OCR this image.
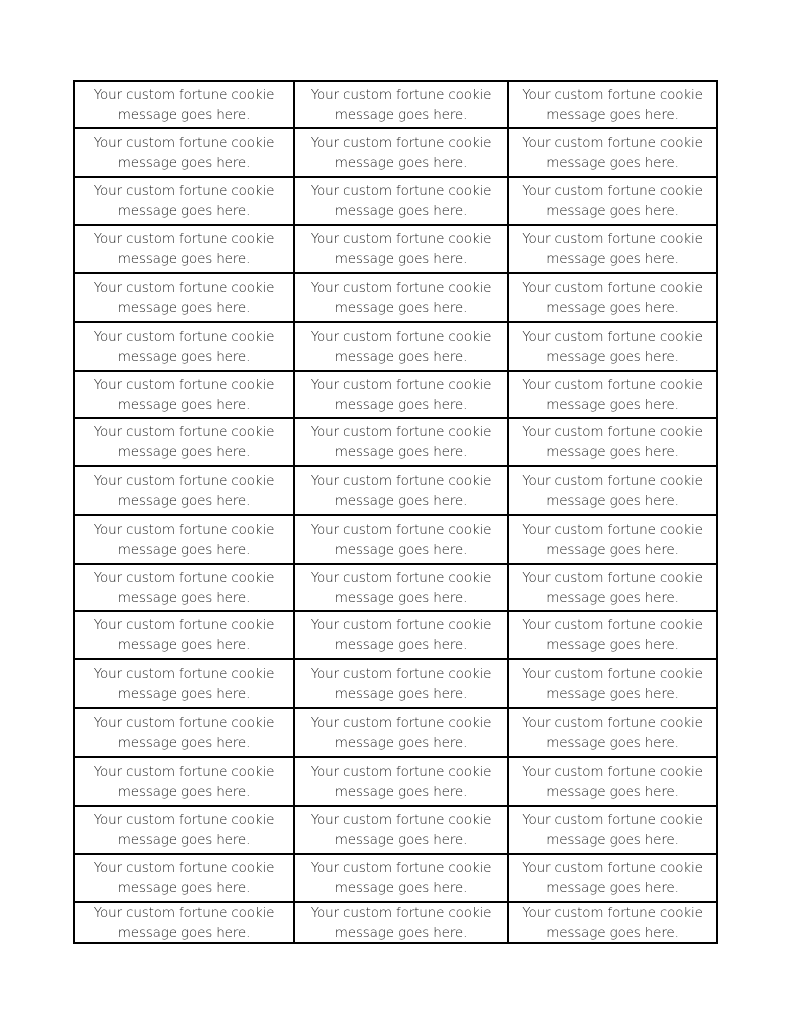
Your custom fortune cookie
message goes here.
Your custom fortune cookie
message goes here.
Your custom fortune cookie
message goes here.
Your custom fortune cookie
message goes here.
Your custom fortune cookie
message goes here.
Your custom fortune cookie
message goes here.
Your custom fortune cookie
message goes here.
Your custom fortune cookie
message goes here.
Your custom fortune cookie
message goes here.
Your custom fortune cookie
message goes here.
Your custom fortune cookie
message goes here.
Your custom fortune cookie
message goes here.
Your custom fortune cookie
message goes here.
Your custom fortune cookie
message goes here.
Your custom fortune cookie
message goes here.
Your custom fortune cookie
message goes here.
Your custom fortune cookie
message goes here.
Your custom fortune cookie
message goes here.
Your custom fortune cookie
message goes here.
Your custom fortune cookie
message goes here.
Your custom fortune cookie
message goes here.
Your custom fortune cookie
message goes here.
Your custom fortune cookie
message goes here.
Your custom fortune cookie
message goes here.
Your custom fortune cookie
message goes here.
Your custom fortune cookie
message goes here.
Your custom fortune cookie
message goes here.
Your custom fortune cookie
message goes here.
Your custom fortune cookie
message goes here.
Your custom fortune cookie
message goes here.
Your custom fortune cookie
message goes here.
Your custom fortune cookie
message goes here.
Your custom fortune cookie
message goes here.
Your custom fortune cookie
message goes here.
Your custom fortune cookie
message goes here.
Your custom fortune cookie
message goes here.
Your custom fortune cookie
message goes here.
Your custom fortune cookie
message goes here.
Your custom fortune cookie
message goes here.
Your custom fortune cookie
message goes here.
Your custom fortune cookie
message goes here.
Your custom fortune cookie
message goes here.
Your custom fortune cookie
message goes here.
Your custom fortune cookie
message goes here.
Your custom fortune cookie
message goes here.
Your custom fortune cookie
message goes here.
Your custom fortune cookie
message goes here.
Your custom fortune cookie
message goes here.
Your custom fortune cookie
message goes here.
Your custom fortune cookie
message goes here.
Your custom fortune cookie
message goes here.
Your custom fortune cookie
message goes here.
Your custom fortune cookie
message goes here.
Your custom fortune cookie
message goes here.
